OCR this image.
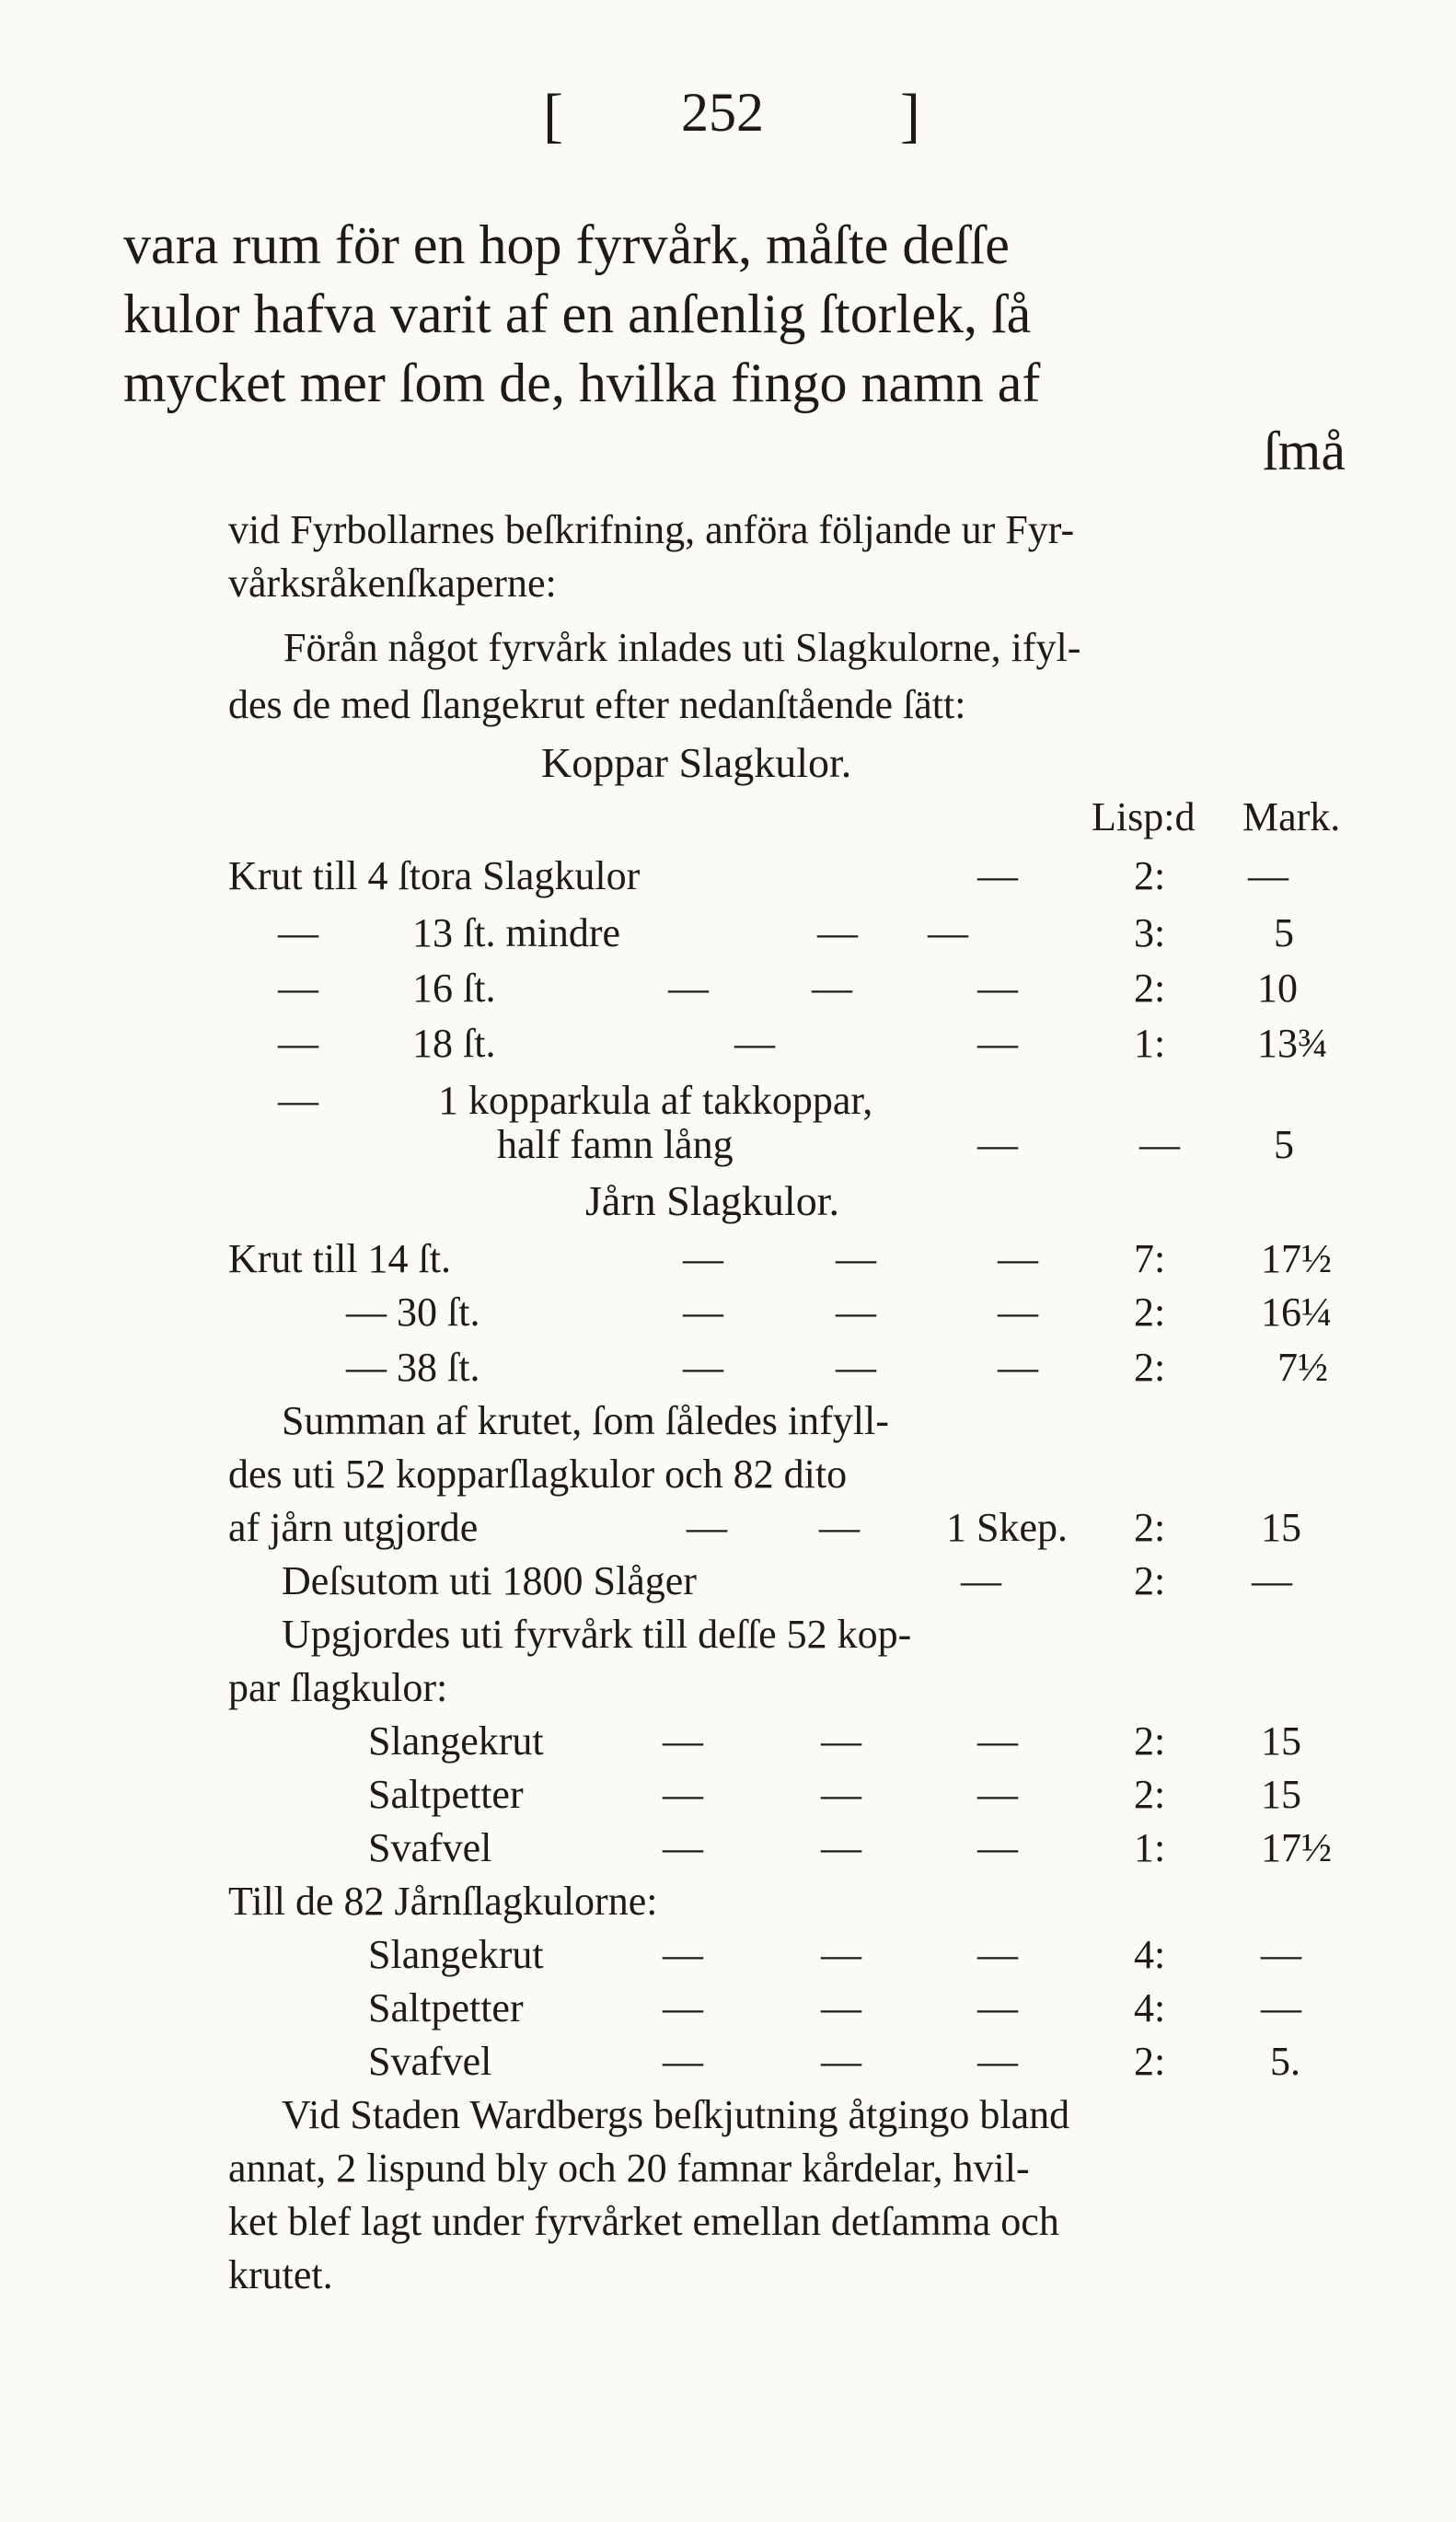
[ 252 ]
vara rum för en hop fyrvårk, måſte deſſe
kulor hafva varit af en anſenlig ſtorlek, ſå
mycket mer ſom de, hvilka fingo namn af
ſmå
vid Fyrbollarnes beſkrifning, anföra följande ur Fyr-
vårksråkenſkaperne:
Förån något fyrvårk inlades uti Slagkulorne, ifyl-
des de med ſlangekrut efter nedanſtående ſätt:
Koppar Slagkulor.
Lisp:d Mark.
Krut till 4 ſtora Slagkulor	—	2: —
— 13 ſt. mindre	— —	3:	5
— 16 ſt.	—	—	—	2: 10
— 18 ſt.	—	—	1: 13¾
—	1 kopparkula af takkoppar,
half famn lång	—	— 5
Jårn Slagkulor.
Krut till 14 ſt.	—	—	— 7: 17½
— 30 ſt.	—	—	— 2: 16¼
— 38 ſt.	—	—	— 2:	7½
Summan af krutet, ſom ſåledes infyll-
des uti 52 kopparſlagkulor och 82 dito
af jårn utgjorde	— — 1 Skep. 2: 15
Deſsutom uti 1800 Slåger	—	2: —
Upgjordes uti fyrvårk till deſſe 52 kop-
par ſlagkulor:
Slangekrut	—	—	—	2: 15
Saltpetter	—	—	—	2: 15
Svafvel	—	—	—	1: 17½
Till de 82 Jårnſlagkulorne:
Slangekrut	—	—	—	4: —
Saltpetter	—	—	—	4: —
Svafvel	—	—	—	2:	5.
Vid Staden Wardbergs beſkjutning åtgingo bland
annat, 2 lispund bly och 20 famnar kårdelar, hvil-
ket blef lagt under fyrvårket emellan detſamma och
krutet.
